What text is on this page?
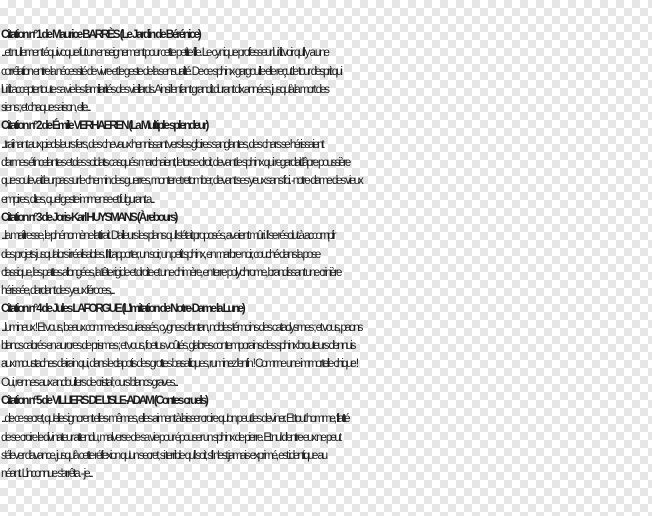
Citation n°1 de Maurice BARRÈS (Le Jardin de Bérénice)
...et nullement équivoque fut un enseignement pour cette petite fille. Le cynique professeur lui fit voir qu'il y a une
corrélation entre la nécessité de vivre et le geste de la sensualité. De ce sphinx-gargouille elle reçut le tour d'esprit qui
lui fit accepter toute sa vie les familiarités des vieillards. Ainsi l'enfant grandit durant dix années, jusqu'à la mort des
siens ; et chaque saison, elle...
Citation n°2 de Émile VERHAEREN (La Multiple splendeur)
...traînant aux pieds leurs fers, des chevaux hennissant vers les gloires sanglantes, des chars se hérissaient
d'armes étincelantes et des soldats casqués marchaient, le torse droit, devant le sphinx qui regardait l'âpre poussière
que soulevait leur pas sur le chemin des guerres, monter et retomber, devant ses yeux sans foi. -notre-dame des vieux
empires, dites, quel geste immense et fulgurant a...
Citation n°3 de Joris-Karl HUYSMANS (À rebours)
...la maîtresse, le phénomène l'attirait. D'ailleurs les plans qu'il s'était proposés, avaient mûri. Il se résolut à accomplir
des projets jusqu'alors irréalisables. Il fit apporter, un soir, un petit sphinx, en marbre noir, couché dans la pose
classique, les pattes allongées, la tête rigide et droite et une chimère, en terre polychrome, brandissant une crinière
hérissée, dardant des yeux féroces,...
Citation n°4 de Jules LAFORGUE (L'Imitation de Notre-Dame la Lune)
...lumineux ! Et vous, beaux comme des cuirassés, cygnes d'antan, nobles témoins des cataclysmes ; et vous, paons
blancs cabrés en aurores de prismes ; et vous, foetus voûtés, glabres contemporains des sphinx brouteurs d'ennuis
aux moustaches d'airain qui, dans le clapotis des grottes basaltiques, ruminez l'enfin ! Comme une immortelle chique !
Oui, rennes aux andouillers de cristal ; ours blancs graves...
Citation n°5 de VILLIERS DE L'ISLE-ADAM (Contes cruels)
...de ce secret, qu'elles ignorent elles-mêmes, elles aiment à laisser croire qu'on peut les deviner. Et tout homme, flatté
de se croire le divinateur attendu, malverse de sa vie pour épouser un sphinx de pierre. Et nul d'entre eux ne peut
s'élever d'avance, jusqu'à cette réflexion qu'un secret, si terrible qu'il soit, s'il n'est jamais exprimé, est identique au
néant. L'inconnue s'arrêta. - je...
